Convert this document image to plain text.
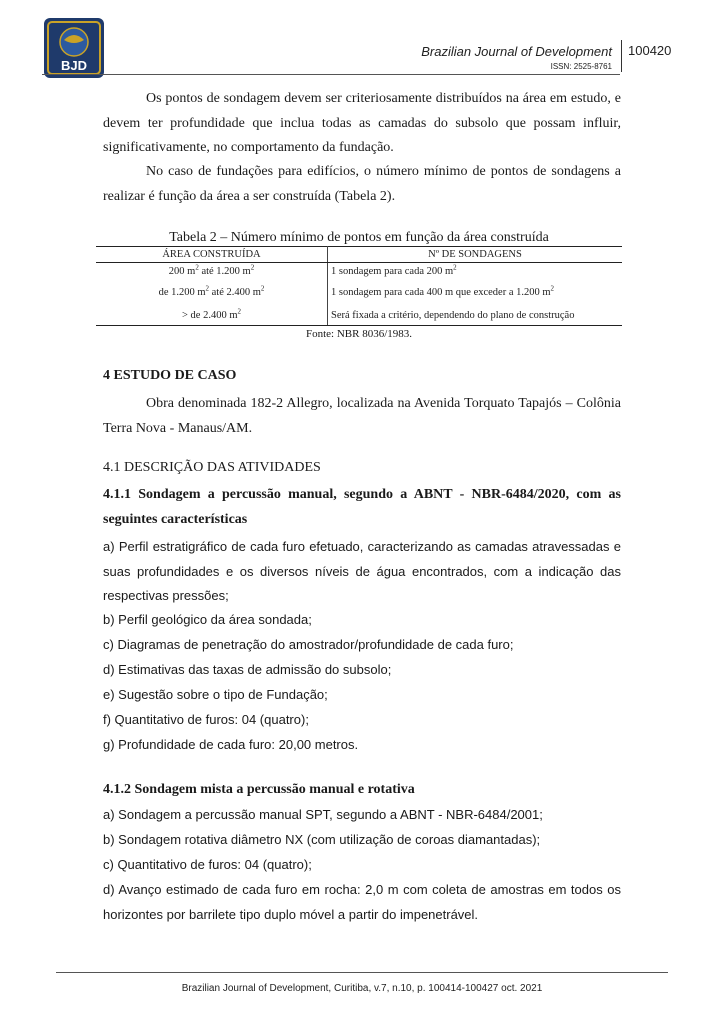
BJD
Brazilian Journal of Development
ISSN: 2525-8761
100420
Os pontos de sondagem devem ser criteriosamente distribuídos na área em estudo, e devem ter profundidade que inclua todas as camadas do subsolo que possam influir, significativamente, no comportamento da fundação.
No caso de fundações para edifícios, o número mínimo de pontos de sondagens a realizar é função da área a ser construída (Tabela 2).
Tabela 2 – Número mínimo de pontos em função da área construída
ÁREA CONSTRUÍDA	Nº DE SONDAGENS
200 $m^2$ até 1.200 $m^2$	1 sondagem para cada 200 $m^2$
de 1.200 $m^2$ até 2.400 $m^2$	1 sondagem para cada 400 m que exceder a 1.200 $m^2$
> de 2.400 $m^2$	Será fixada a critério, dependendo do plano de construção
Fonte: NBR 8036/1983.
4 ESTUDO DE CASO
Obra denominada 182-2 Allegro, localizada na Avenida Torquato Tapajós – Colônia Terra Nova - Manaus/AM.
4.1 DESCRIÇÃO DAS ATIVIDADES
4.1.1 Sondagem a percussão manual, segundo a ABNT - NBR-6484/2020, com as seguintes características
a) Perfil estratigráfico de cada furo efetuado, caracterizando as camadas atravessadas e suas profundidades e os diversos níveis de água encontrados, com a indicação das respectivas pressões;
b) Perfil geológico da área sondada;
c) Diagramas de penetração do amostrador/profundidade de cada furo;
d) Estimativas das taxas de admissão do subsolo;
e) Sugestão sobre o tipo de Fundação;
f) Quantitativo de furos: 04 (quatro);
g) Profundidade de cada furo: 20,00 metros.
4.1.2 Sondagem mista a percussão manual e rotativa
a) Sondagem a percussão manual SPT, segundo a ABNT - NBR-6484/2001;
b) Sondagem rotativa diâmetro NX (com utilização de coroas diamantadas);
c) Quantitativo de furos: 04 (quatro);
d) Avanço estimado de cada furo em rocha: 2,0 m com coleta de amostras em todos os horizontes por barrilete tipo duplo móvel a partir do impenetrável.
Brazilian Journal of Development, Curitiba, v.7, n.10, p. 100414-100427 oct. 2021
